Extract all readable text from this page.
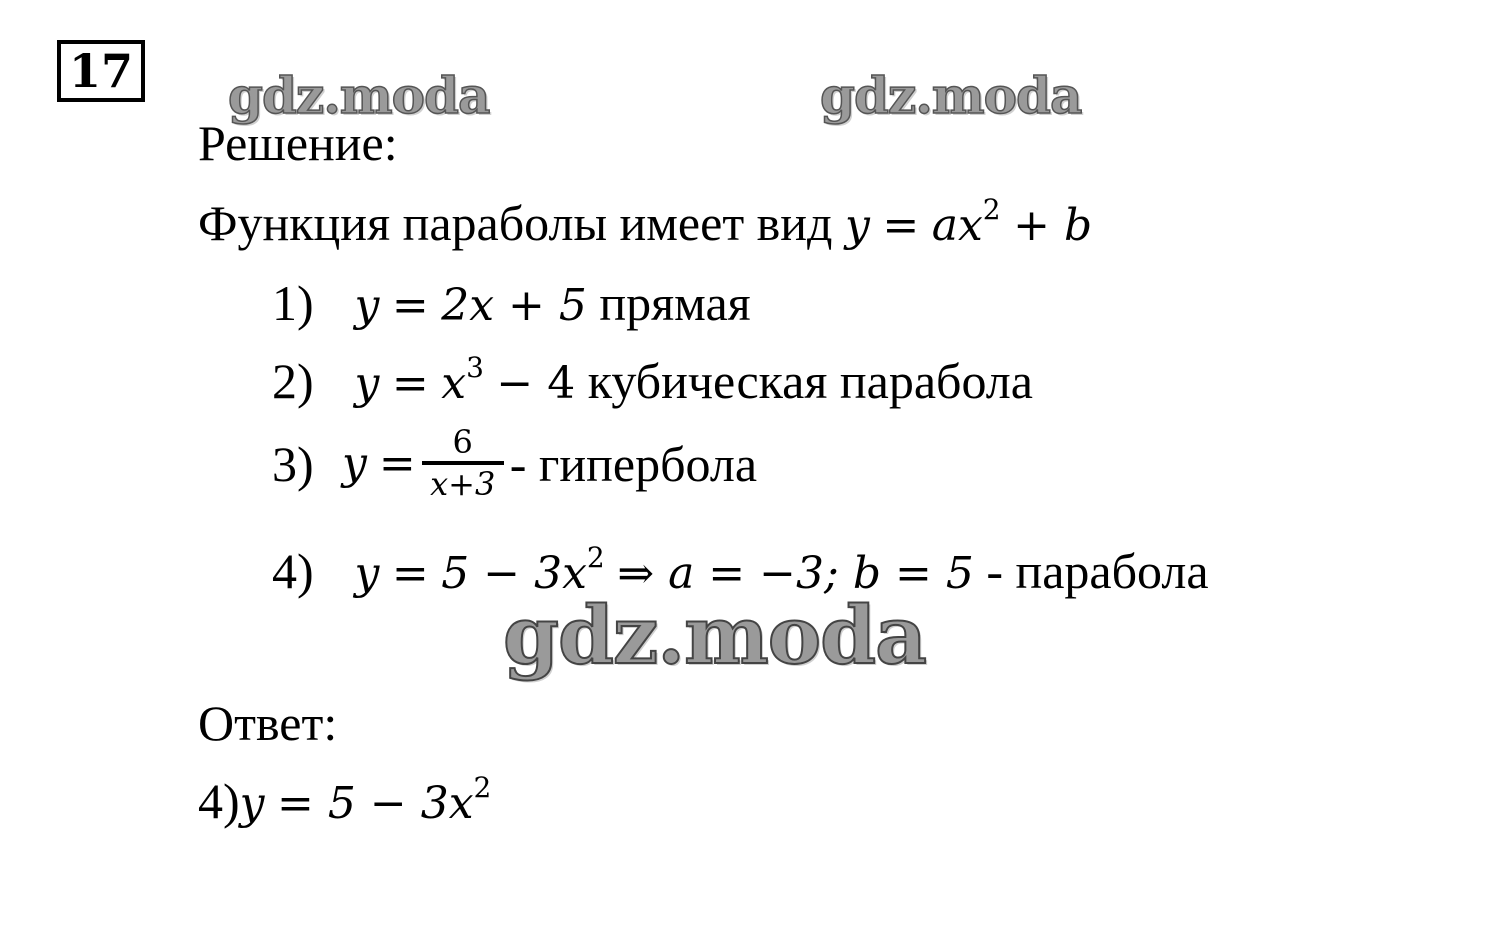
17 gdz.moda	gdz.moda
Решение:
Функция параболы имеет вид $y = ax^2 + b$
1) y = 2x + 5 прямая
2) $y = x^3 - 4$ кубическая парабола
3) $y = \frac{6}{x+3}$ - гипербола
4) $y = 5 - 3x^2$ ⇒ a = −3; b = 5 - парабола
gdz.moda
Ответ:
$4)y = 5 - 3x^2$
